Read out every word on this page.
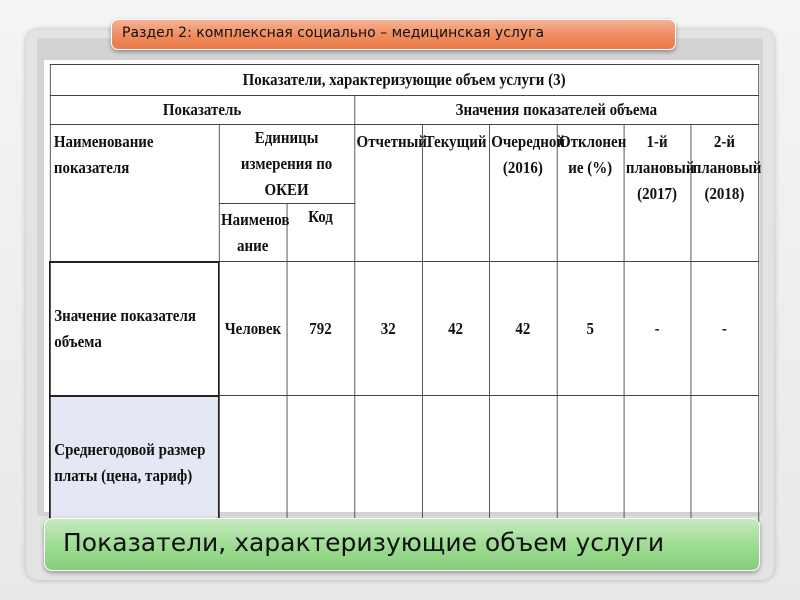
Раздел 2: комплексная социально – медицинская услуга
Показатели, характеризующие объем услуги (3)								
Показатель			Значения показателей объема					
Наименование показателя	Единицы измерения по ОКЕИ		Отчетный	Текущий	Очередной (2016)	Отклонен ие (%)	1-й плановый (2017)	2-й плановый (2018)
	Наименов ание	Код						
Значение показателя объема	Человек	792	32	42	42	5	-	-
Среднегодовой размер платы (цена, тариф)								
Показатели, характеризующие объем услуги
